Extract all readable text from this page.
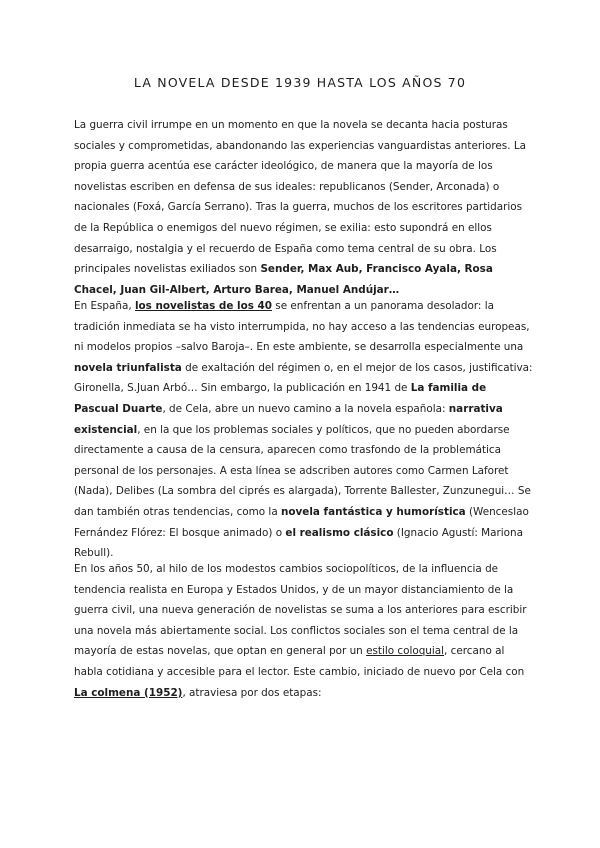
LA NOVELA DESDE 1939 HASTA LOS AÑOS 70

La guerra civil irrumpe en un momento en que la novela se decanta hacia posturas sociales y comprometidas, abandonando las experiencias vanguardistas anteriores. La propia guerra acentúa ese carácter ideológico, de manera que la mayoría de los novelistas escriben en defensa de sus ideales: republicanos (Sender, Arconada) o nacionales (Foxá, García Serrano). Tras la guerra, muchos de los escritores partidarios de la República o enemigos del nuevo régimen, se exilia: esto supondrá en ellos desarraigo, nostalgia y el recuerdo de España como tema central de su obra. Los principales novelistas exiliados son Sender, Max Aub, Francisco Ayala, Rosa Chacel, Juan Gil-Albert, Arturo Barea, Manuel Andújar…

En España, los novelistas de los 40 se enfrentan a un panorama desolador: la tradición inmediata se ha visto interrumpida, no hay acceso a las tendencias europeas, ni modelos propios –salvo Baroja–. En este ambiente, se desarrolla especialmente una novela triunfalista de exaltación del régimen o, en el mejor de los casos, justificativa: Gironella, S.Juan Arbó… Sin embargo, la publicación en 1941 de La familia de Pascual Duarte, de Cela, abre un nuevo camino a la novela española: narrativa existencial, en la que los problemas sociales y políticos, que no pueden abordarse directamente a causa de la censura, aparecen como trasfondo de la problemática personal de los personajes. A esta línea se adscriben autores como Carmen Laforet (Nada), Delibes (La sombra del ciprés es alargada), Torrente Ballester, Zunzunegui… Se dan también otras tendencias, como la novela fantástica y humorística (Wenceslao Fernández Flórez: El bosque animado) o el realismo clásico (Ignacio Agustí: Mariona Rebull).

En los años 50, al hilo de los modestos cambios sociopolíticos, de la influencia de tendencia realista en Europa y Estados Unidos, y de un mayor distanciamiento de la guerra civil, una nueva generación de novelistas se suma a los anteriores para escribir una novela más abiertamente social. Los conflictos sociales son el tema central de la mayoría de estas novelas, que optan en general por un estilo coloquial, cercano al habla cotidiana y accesible para el lector. Este cambio, iniciado de nuevo por Cela con La colmena (1952), atraviesa por dos etapas:
